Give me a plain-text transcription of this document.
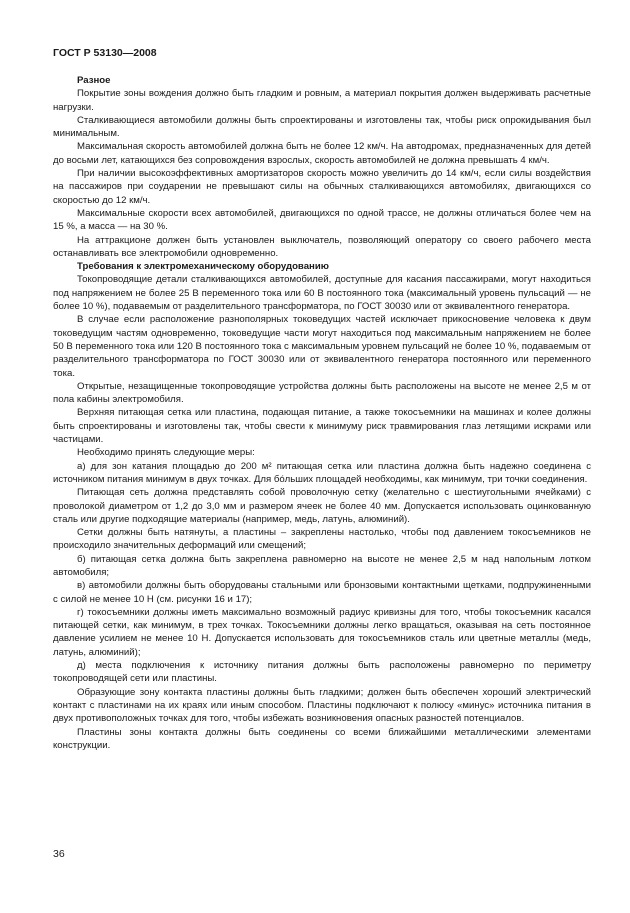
ГОСТ Р 53130—2008
Разное

Покрытие зоны вождения должно быть гладким и ровным, а материал покрытия должен выдерживать расчетные нагрузки.

Сталкивающиеся автомобили должны быть спроектированы и изготовлены так, чтобы риск опрокидывания был минимальным.

Максимальная скорость автомобилей должна быть не более 12 км/ч. На автодромах, предназначенных для детей до восьми лет, катающихся без сопровождения взрослых, скорость автомобилей не должна превышать 4 км/ч.

При наличии высокоэффективных амортизаторов скорость можно увеличить до 14 км/ч, если силы воздействия на пассажиров при соударении не превышают силы на обычных сталкивающихся автомобилях, двигающихся со скоростью до 12 км/ч.

Максимальные скорости всех автомобилей, двигающихся по одной трассе, не должны отличаться более чем на 15 %, а масса — на 30 %.

На аттракционе должен быть установлен выключатель, позволяющий оператору со своего рабочего места останавливать все электромобили одновременно.

Требования к электромеханическому оборудованию

Токопроводящие детали сталкивающихся автомобилей, доступные для касания пассажирами, могут находиться под напряжением не более 25 В переменного тока или 60 В постоянного тока (максимальный уровень пульсаций — не более 10 %), подаваемым от разделительного трансформатора, по ГОСТ 30030 или от эквивалентного генератора.

В случае если расположение разнополярных токоведущих частей исключает прикосновение человека к двум токоведущим частям одновременно, токоведущие части могут находиться под максимальным напряжением не более 50 В переменного тока или 120 В постоянного тока с максимальным уровнем пульсаций не более 10 %, подаваемым от разделительного трансформатора по ГОСТ 30030 или от эквивалентного генератора постоянного или переменного тока.

Открытые, незащищенные токопроводящие устройства должны быть расположены на высоте не менее 2,5 м от пола кабины электромобиля.

Верхняя питающая сетка или пластина, подающая питание, а также токосъемники на машинах и колее должны быть спроектированы и изготовлены так, чтобы свести к минимуму риск травмирования глаз летящими искрами или частицами.

Необходимо принять следующие меры:

а) для зон катания площадью до 200 м² питающая сетка или пластина должна быть надежно соединена с источником питания минимум в двух точках. Для бóльших площадей необходимы, как минимум, три точки соединения.

Питающая сеть должна представлять собой проволочную сетку (желательно с шестиугольными ячейками) с проволокой диаметром от 1,2 до 3,0 мм и размером ячеек не более 40 мм. Допускается использовать оцинкованную сталь или другие подходящие материалы (например, медь, латунь, алюминий).

Сетки должны быть натянуты, а пластины – закреплены настолько, чтобы под давлением токосъемников не происходило значительных деформаций или смещений;

б) питающая сетка должна быть закреплена равномерно на высоте не менее 2,5 м над напольным лотком автомобиля;

в) автомобили должны быть оборудованы стальными или бронзовыми контактными щетками, подпружиненными с силой не менее 10 Н (см. рисунки 16 и 17);

г) токосъемники должны иметь максимально возможный радиус кривизны для того, чтобы токосъемник касался питающей сетки, как минимум, в трех точках. Токосъемники должны легко вращаться, оказывая на сеть постоянное давление усилием не менее 10 Н. Допускается использовать для токосъемников сталь или цветные металлы (медь, латунь, алюминий);

д) места подключения к источнику питания должны быть расположены равномерно по периметру токопроводящей сети или пластины.

Образующие зону контакта пластины должны быть гладкими; должен быть обеспечен хороший электрический контакт с пластинами на их краях или иным способом. Пластины подключают к полюсу «минус» источника питания в двух противоположных точках для того, чтобы избежать возникновения опасных разностей потенциалов.

Пластины зоны контакта должны быть соединены со всеми ближайшими металлическими элементами конструкции.

36
